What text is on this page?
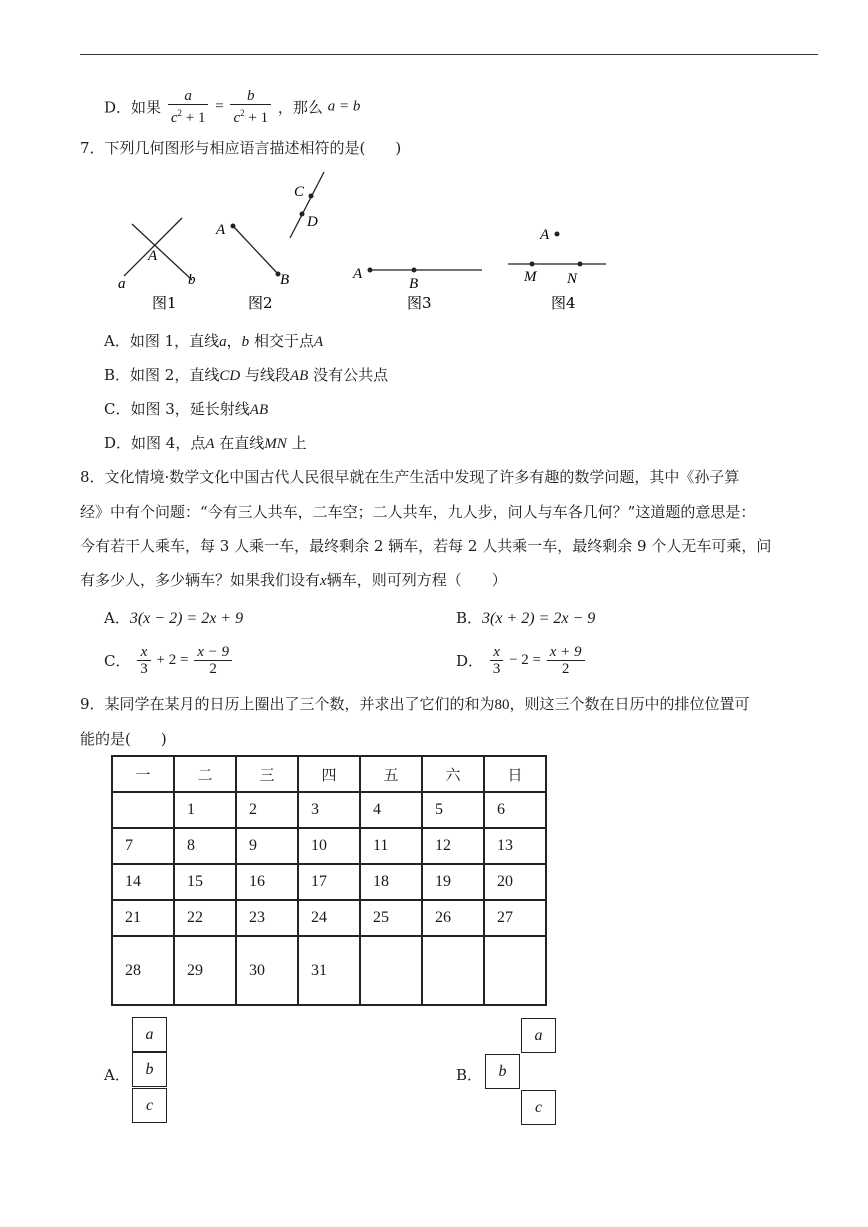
D．如果 $\frac{a}{c^2 + 1} = \frac{b}{c^2 + 1}$ ，那么 a = b
7．下列几何图形与相应语言描述相符的是(　　)
A
a	b
图1
A
B
C
D
图2
A
B
图3
A
M N
图4
A．如图 1，直线a，b 相交于点A
B．如图 2，直线CD 与线段AB 没有公共点
C．如图 3，延长射线AB
D．如图 4，点A 在直线MN 上
8．文化情境·数学文化中国古代人民很早就在生产生活中发现了许多有趣的数学问题，其中《孙子算
经》中有个问题：“今有三人共车，二车空；二人共车，九人步，问人与车各几何？”这道题的意思是：
今有若干人乘车，每 3 人乘一车，最终剩余 2 辆车，若每 2 人共乘一车，最终剩余 9 个人无车可乘，问
有多少人，多少辆车？如果我们设有x辆车，则可列方程（　　）
A．3(x − 2) = 2x + 9	B．3(x + 2) = 2x − 9
C． $\frac{x}{3} + 2 = \frac{x - 9}{2}$	D． $\frac{x}{3} - 2 = \frac{x + 9}{2}$
9．某同学在某月的日历上圈出了三个数，并求出了它们的和为80，则这三个数在日历中的排位位置可
能的是(　　)
一	二	三	四	五	六	日
	1	2	3	4	5	6
7	8	9	10	11	12	13
14	15	16	17	18	19	20
21	22	23	24	25	26	27
28	29	30	31			
A．
a
b
c
B．
a
b
c
